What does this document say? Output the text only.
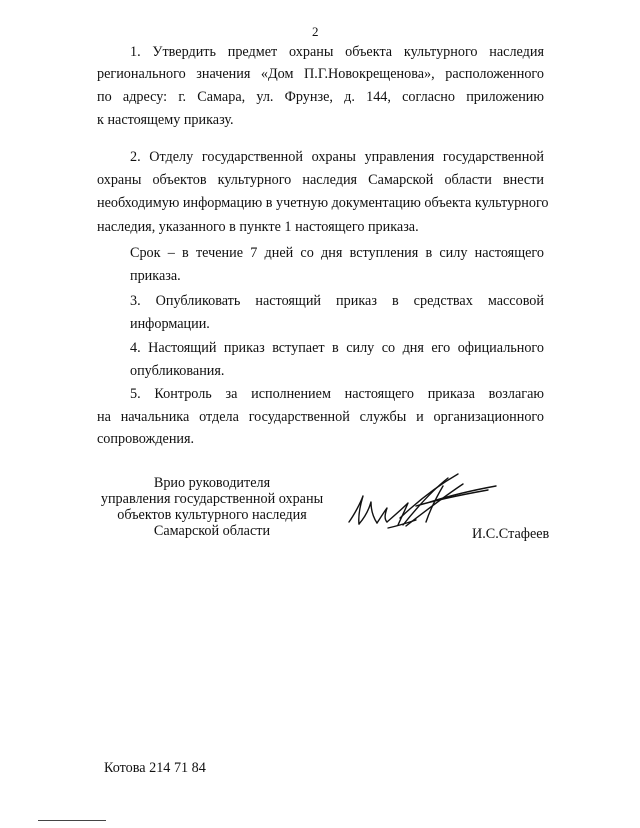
2
1. Утвердить предмет охраны объекта культурного наследия
регионального значения «Дом П.Г.Новокрещенова», расположенного
по адресу: г. Самара, ул. Фрунзе, д. 144, согласно приложению
к настоящему приказу.
2. Отделу государственной охраны управления государственной
охраны объектов культурного наследия Самарской области внести
необходимую информацию в учетную документацию объекта культурного
наследия, указанного в пункте 1 настоящего приказа.
Срок – в течение 7 дней со дня вступления в силу настоящего
приказа.
3. Опубликовать настоящий приказ в средствах массовой
информации.
4. Настоящий приказ вступает в силу со дня его официального
опубликования.
5. Контроль за исполнением настоящего приказа возлагаю
на начальника отдела государственной службы и организационного
сопровождения.
Врио руководителя
управления государственной охраны
объектов культурного наследия
Самарской области	И.С.Стафеев
Котова 214 71 84
